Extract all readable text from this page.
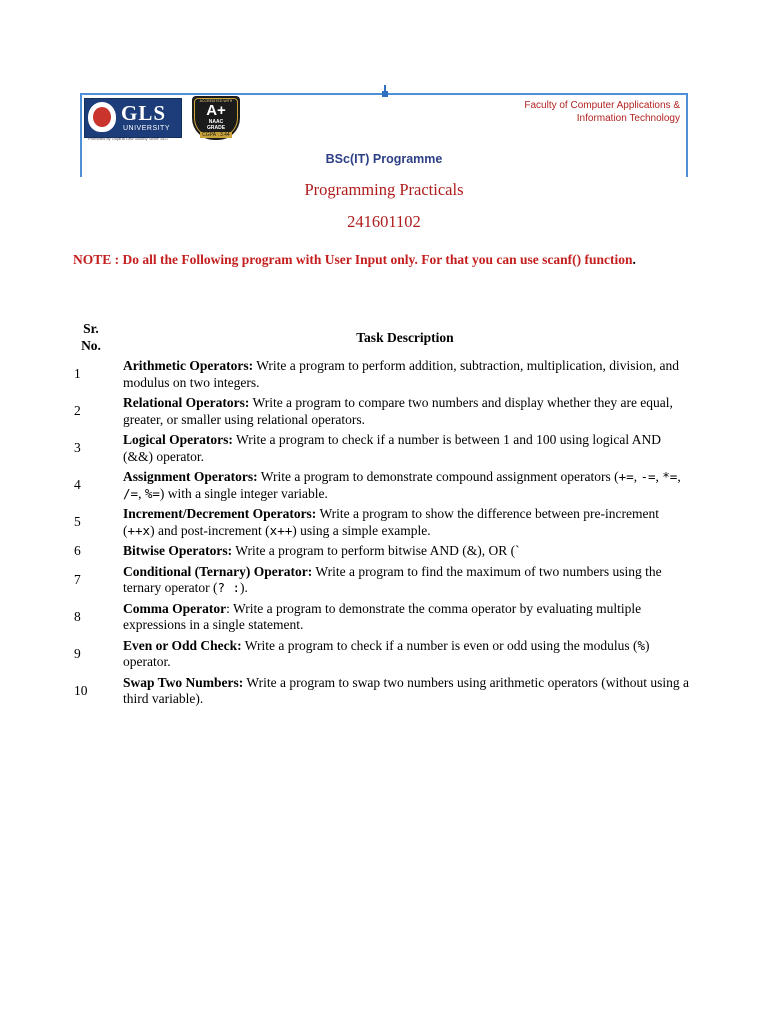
GLS
UNIVERSITY
Promoted by Gujarat Law Society Since 1927
ACCREDITED WITH
A+
NAAC
GRADE
CGPA : 3.44
Faculty of Computer Applications &
Information Technology
BSc(IT) Programme
Programming Practicals
241601102
NOTE : Do all the Following program with User Input only. For that you can use scanf() function.
Sr.
No.	Task Description
1	Arithmetic Operators: Write a program to perform addition, subtraction, multiplication, division, and modulus on two integers.
2	Relational Operators: Write a program to compare two numbers and display whether they are equal, greater, or smaller using relational operators.
3	Logical Operators: Write a program to check if a number is between 1 and 100 using logical AND (&&) operator.
4	Assignment Operators: Write a program to demonstrate compound assignment operators (+=, -=, *=, /=, %=) with a single integer variable.
5	Increment/Decrement Operators: Write a program to show the difference between pre-increment (++x) and post-increment (x++) using a simple example.
6	Bitwise Operators: Write a program to perform bitwise AND (&), OR (`
7	Conditional (Ternary) Operator: Write a program to find the maximum of two numbers using the ternary operator (? :).
8	Comma Operator: Write a program to demonstrate the comma operator by evaluating multiple expressions in a single statement.
9	Even or Odd Check: Write a program to check if a number is even or odd using the modulus (%) operator.
10	Swap Two Numbers: Write a program to swap two numbers using arithmetic operators (without using a third variable).
